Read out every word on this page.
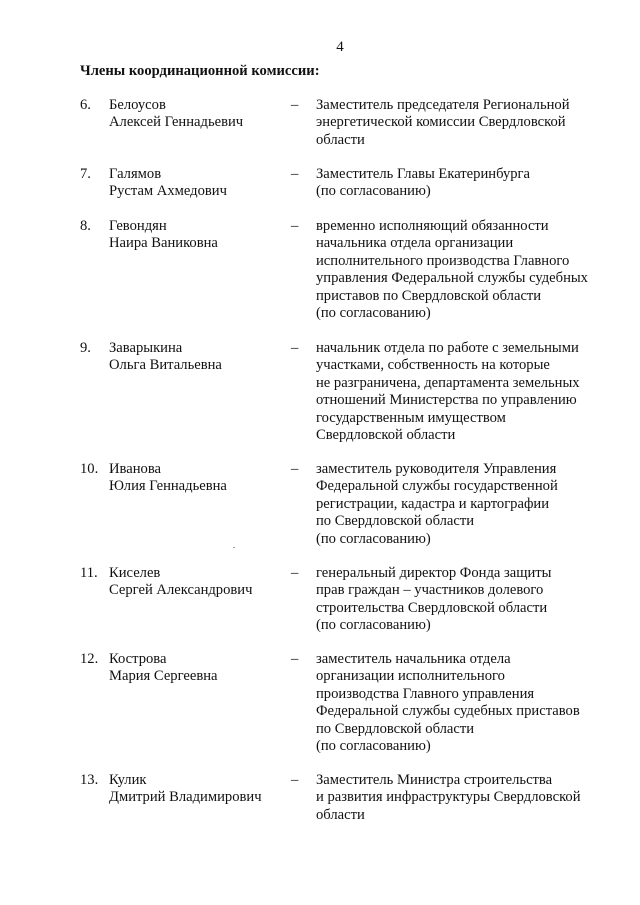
4
Члены координационной комиссии:
6. Белоусов
Алексей Геннадьевич
– Заместитель председателя Региональной
энергетической комиссии Свердловской
области
7. Галямов
Рустам Ахмедович
– Заместитель Главы Екатеринбурга
(по согласованию)
8. Гевондян
Наира Ваниковна
– временно исполняющий обязанности
начальника отдела организации
исполнительного производства Главного
управления Федеральной службы судебных
приставов по Свердловской области
(по согласованию)
9. Заварыкина
Ольга Витальевна
– начальник отдела по работе с земельными
участками, собственность на которые
не разграничена, департамента земельных
отношений Министерства по управлению
государственным имуществом
Свердловской области
10. Иванова
Юлия Геннадьевна
– заместитель руководителя Управления
Федеральной службы государственной
регистрации, кадастра и картографии
по Свердловской области
(по согласованию)
11. Киселев
Сергей Александрович
– генеральный директор Фонда защиты
прав граждан – участников долевого
строительства Свердловской области
(по согласованию)
12. Кострова
Мария Сергеевна
– заместитель начальника отдела
организации исполнительного
производства Главного управления
Федеральной службы судебных приставов
по Свердловской области
(по согласованию)
13. Кулик
Дмитрий Владимирович
– Заместитель Министра строительства
и развития инфраструктуры Свердловской
области
